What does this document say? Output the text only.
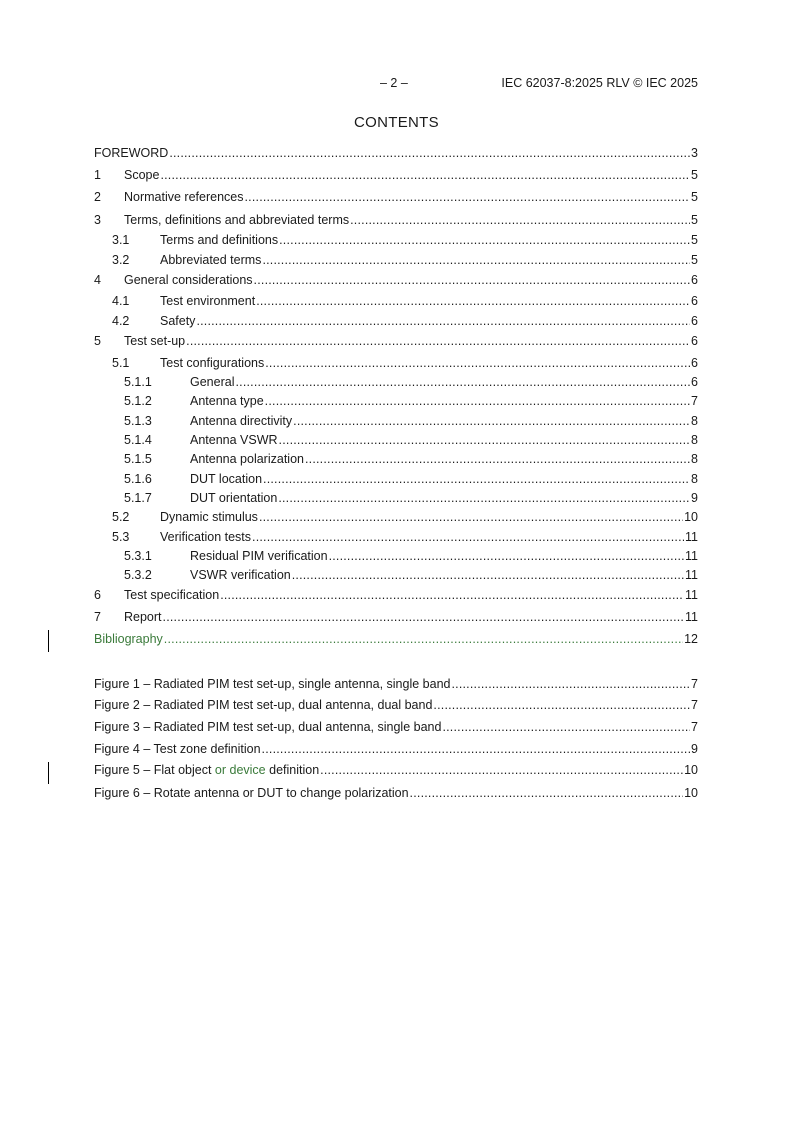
– 2 –	IEC 62037-8:2025 RLV © IEC 2025
CONTENTS
FOREWORD .....	3
1	Scope .....	5
2	Normative references .....	5
3	Terms, definitions and abbreviated terms .....	5
3.1	Terms and definitions .....	5
3.2	Abbreviated terms .....	5
4	General considerations .....	6
4.1	Test environment .....	6
4.2	Safety .....	6
5	Test set-up .....	6
5.1	Test configurations .....	6
5.1.1	General .....	6
5.1.2	Antenna type .....	7
5.1.3	Antenna directivity .....	8
5.1.4	Antenna VSWR .....	8
5.1.5	Antenna polarization .....	8
5.1.6	DUT location .....	8
5.1.7	DUT orientation .....	9
5.2	Dynamic stimulus .....	10
5.3	Verification tests .....	11
5.3.1	Residual PIM verification .....	11
5.3.2	VSWR verification .....	11
6	Test specification .....	11
7	Report .....	11
Bibliography .....	12
Figure 1 – Radiated PIM test set-up, single antenna, single band .....	7
Figure 2 – Radiated PIM test set-up, dual antenna, dual band .....	7
Figure 3 – Radiated PIM test set-up, dual antenna, single band .....	7
Figure 4 – Test zone definition .....	9
Figure 5 – Flat object or device definition .....	10
Figure 6 – Rotate antenna or DUT to change polarization .....	10
